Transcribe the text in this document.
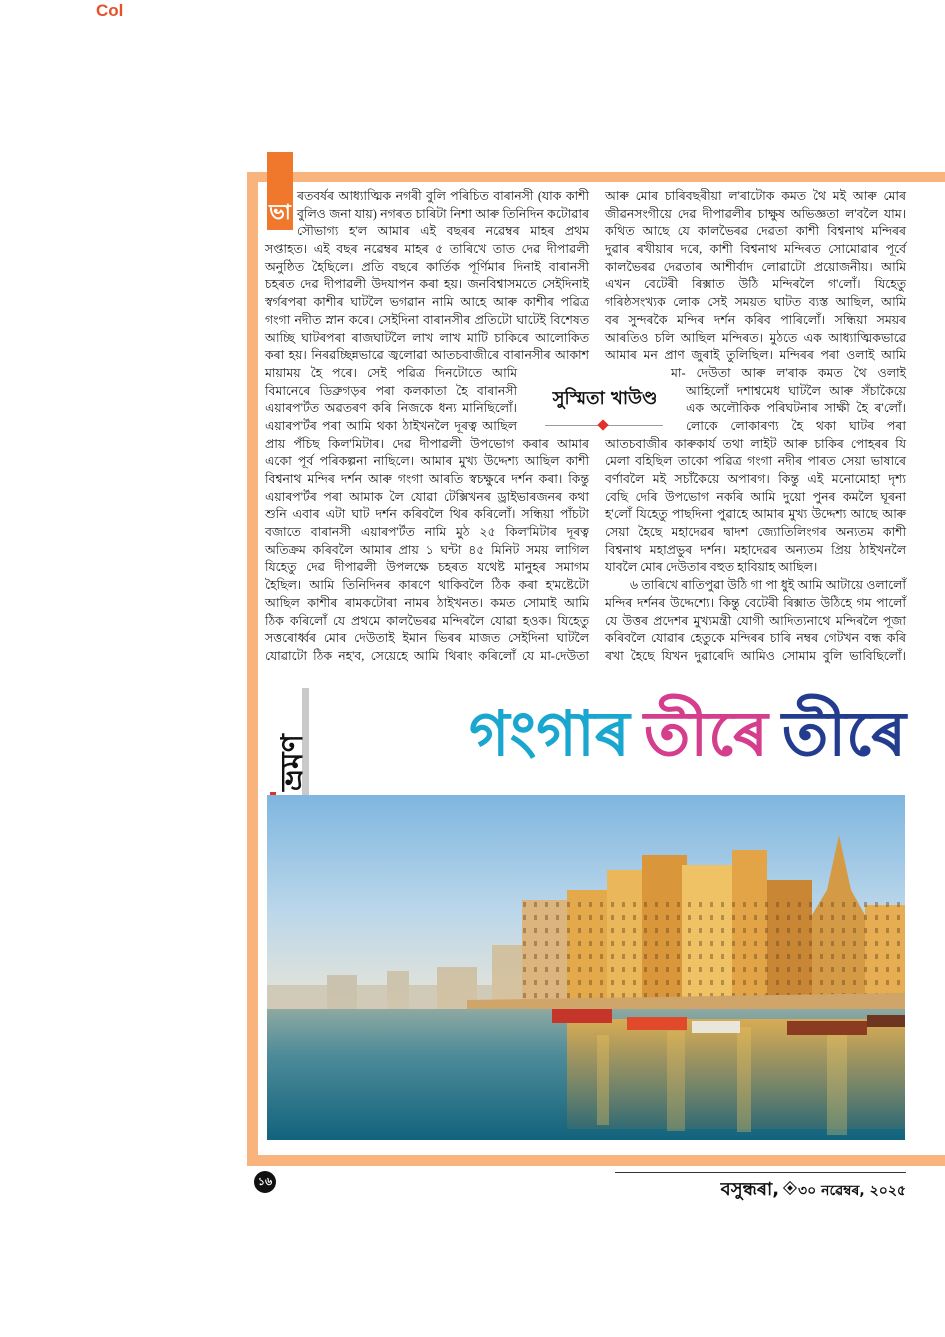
Col
ভা
ৰতবৰ্ষৰ আধ্যাত্মিক নগৰী বুলি পৰিচিত বাৰানসী (যাক কাশী
বুলিও জনা যায়) নগৰত চাৰিটা নিশা আৰু তিনিদিন কটোৱাৰ
সৌভাগ্য হ'ল আমাৰ এই বছৰৰ নৱেম্বৰ মাহৰ প্ৰথম
সপ্তাহত। এই বছৰ নৱেম্বৰ মাহৰ ৫ তাৰিখে তাত দেৱ দীপাৱলী
অনুষ্ঠিত হৈছিলে। প্ৰতি বছৰে কাৰ্তিক পূৰ্ণিমাৰ দিনাই বাৰানসী
চহৰত দেৱ দীপাৱলী উদযাপন কৰা হয়। জনবিশ্বাসমতে সেইদিনাই
স্বৰ্গৰপৰা কাশীৰ ঘাটলৈ ভগৱান নামি আহে আৰু কাশীৰ পৱিত্ৰ
গংগা নদীত স্নান কৰে। সেইদিনা বাৰানসীৰ প্ৰতিটো ঘাটেই বিশেষত
আচ্ছি ঘাটৰপৰা ৰাজঘাটলৈ লাখ লাখ মাটি চাকিৰে আলোকিত
কৰা হয়। নিৰৱচ্ছিন্নভাৱে জ্বলোৱা আতচবাজীৰে বাৰানসীৰ আকাশ
মায়াময় হৈ পৰে। সেই পৱিত্ৰ দিনটোতে আমি
বিমানেৰে ডিব্ৰুগড়ৰ পৰা কলকাতা হৈ বাৰানসী
এয়াৰপ'ৰ্টত অৱতৰণ কৰি নিজকে ধন্য মানিছিলোঁ।
এয়াৰপ'ৰ্টৰ পৰা আমি থকা ঠাইখনলৈ দূৰত্ব আছিল
প্ৰায় পঁচিছ কিল'মিটাৰ। দেৱ দীপাৱলী উপভোগ কৰাৰ আমাৰ
একো পূৰ্ব পৰিকল্পনা নাছিলে। আমাৰ মুখ্য উদ্দেশ্য আছিল কাশী
বিশ্বনাথ মন্দিৰ দৰ্শন আৰু গংগা আৰতি স্বচক্ষুৰে দৰ্শন কৰা। কিন্তু
এয়াৰপ'ৰ্টৰ পৰা আমাক লৈ যোৱা টেক্সিখনৰ ড্ৰাইভাৰজনৰ কথা
শুনি এবাৰ এটা ঘাট দৰ্শন কৰিবলৈ থিৰ কৰিলোঁ। সন্ধিয়া পাঁচটা
বজাতে বাৰানসী এয়াৰপ'ৰ্টত নামি মুঠ ২৫ কিল'মিটাৰ দূৰত্ব
অতিক্ৰম কৰিবলৈ আমাৰ প্ৰায় ১ ঘন্টা ৪৫ মিনিট সময় লাগিল
যিহেতু দেৱ দীপাৱলী উপলক্ষে চহৰত যথেষ্ট মানুহৰ সমাগম
হৈছিল। আমি তিনিদিনৰ কাৰণে থাকিবলৈ ঠিক কৰা হ'মষ্টেটো
আছিল কাশীৰ ৰামকটোৰা নামৰ ঠাইখনত। কমত সোমাই আমি
ঠিক কৰিলোঁ যে প্ৰথমে কালভৈৰৱ মন্দিৰলৈ যোৱা হওক। যিহেতু
সত্তৰোৰ্ধ্বৰ মোৰ দেউতাই ইমান ভিৰৰ মাজত সেইদিনা ঘাটলৈ
যোৱাটো ঠিক নহ'ব, সেয়েহে আমি থিৰাং কৰিলোঁ যে মা-দেউতা
আৰু মোৰ চাৰিবছৰীয়া ল'ৰাটোক কমত থৈ মই আৰু মোৰ
জীৱনসংগীয়ে দেৱ দীপাৱলীৰ চাক্ষুষ অভিজ্ঞতা ল'বলৈ যাম।
কথিত আছে যে কালভৈৰৱ দেৱতা কাশী বিশ্বনাথ মন্দিৰৰ
দুৱাৰ ৰখীয়াৰ দৰে, কাশী বিশ্বনাথ মন্দিৰত সোমোৱাৰ পূৰ্বে
কালভৈৰৱ দেৱতাৰ আশীৰ্বাদ লোৱাটো প্ৰয়োজনীয়। আমি
এখন বেটেৰী ৰিক্সাত উঠি মন্দিৰলৈ গ'লোঁ। যিহেতু
গৰিষ্ঠসংখ্যক লোক সেই সময়ত ঘাটত ব্যস্ত আছিল, আমি
বৰ সুন্দৰকৈ মন্দিৰ দৰ্শন কৰিব পাৰিলোঁ। সন্ধিয়া সময়ৰ
আৰতিও চলি আছিল মন্দিৰত। মুঠতে এক আধ্যাত্মিকভাৱে
আমাৰ মন প্ৰাণ জুৰাই তুলিছিল। মন্দিৰৰ পৰা ওলাই আমি
মা- দেউতা আৰু ল'ৰাক কমত থৈ ওলাই
আহিলোঁ দশাশ্বমেধ ঘাটলৈ আৰু সঁচাকৈয়ে
এক অলৌকিক পৰিঘটনাৰ সাক্ষী হৈ ৰ'লোঁ।
লোকে লোকাৰণ্য হৈ থকা ঘাটৰ পৰা
আতচবাজীৰ কাৰুকাৰ্য তথা লাইট আৰু চাকিৰ পোহৰৰ যি
মেলা বহিছিল তাকো পৱিত্ৰ গংগা নদীৰ পাৰত সেয়া ভাষাৰে
বৰ্ণাবলৈ মই সচাঁকৈয়ে অপাৰগ। কিন্তু এই মনোমোহা দৃশ্য
বেছি দেৰি উপভোগ নকৰি আমি দুয়ো পুনৰ কমলৈ ঘূৰনা
হ'লোঁ যিহেতু পাছদিনা পুৱাহে আমাৰ মুখ্য উদ্দেশ্য আছে আৰু
সেয়া হৈছে মহাদেৱৰ দ্বাদশ জ্যোতিলিংগৰ অন্যতম কাশী
বিশ্বনাথ মহাপ্ৰভুৰ দৰ্শন। মহাদেৱৰ অন্যতম প্ৰিয় ঠাইখনলৈ
যাবলৈ মোৰ দেউতাৰ বহুত হাবিয়াহ আছিল।
৬ তাৰিখে ৰাতিপুৱা উঠি গা পা ধুই আমি আটায়ে ওলালোঁ
মন্দিৰ দৰ্শনৰ উদ্দেশ্যে। কিন্তু বেটেৰী ৰিক্সাত উঠিহে গম পালোঁ
যে উত্তৰ প্ৰদেশৰ মুখ্যমন্ত্ৰী যোগী আদিত্যনাথে মন্দিৰলৈ পূজা
কৰিবলৈ যোৱাৰ হেতুকে মন্দিৰৰ চাৰি নম্বৰ গেটখন বন্ধ কৰি
ৰখা হৈছে যিখন দুৱাৰেদি আমিও সোমাম বুলি ভাবিছিলোঁ।
সুস্মিতা খাউণ্ড
ভ্ৰমণ	গংগাৰ তীৰে তীৰে
১৬	বসুন্ধৰা, ৩০ নৱেম্বৰ, ২০২৫
